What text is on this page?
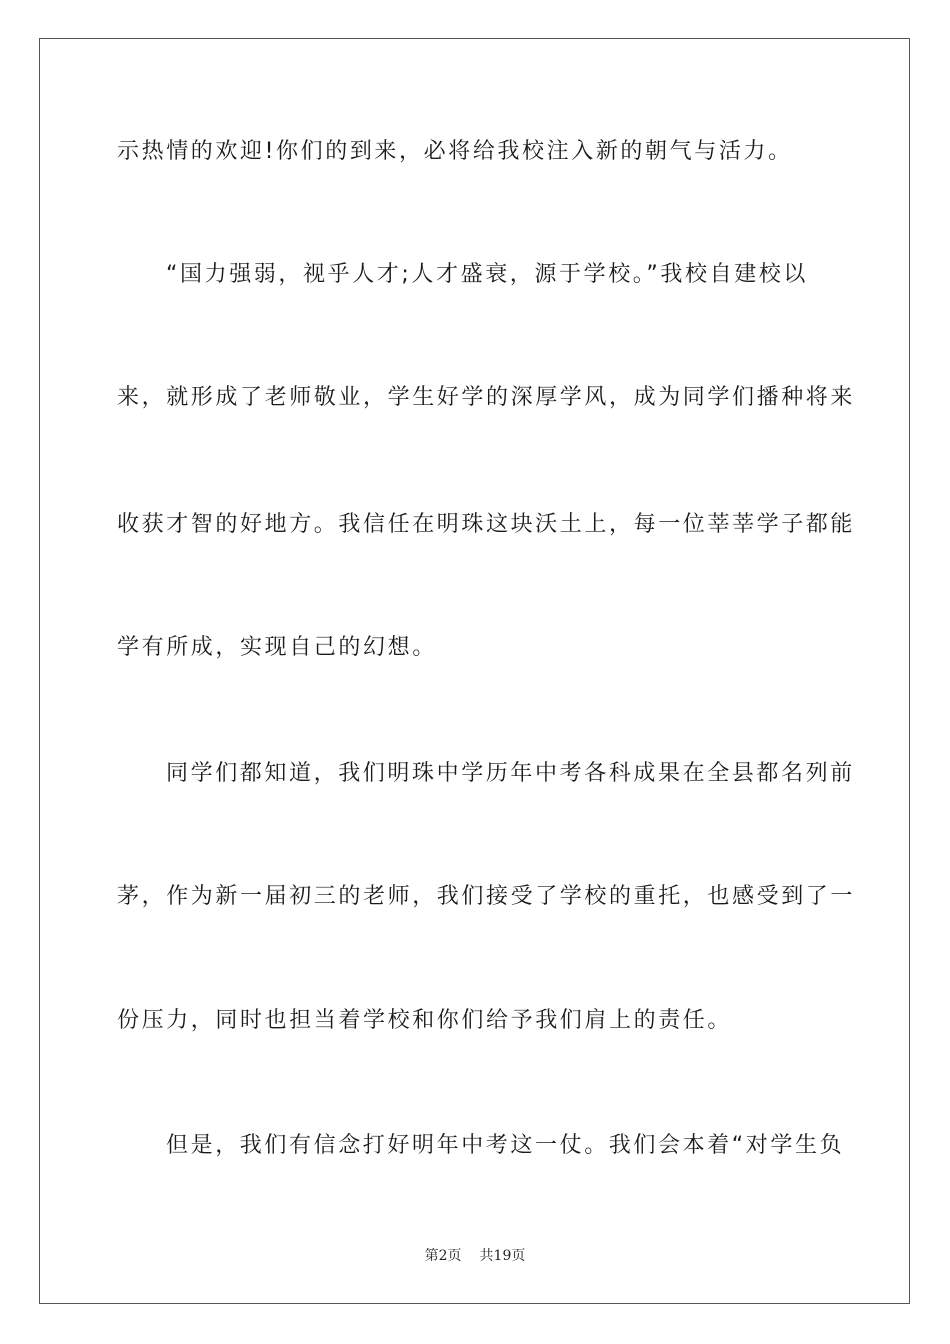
示热情的欢迎!你们的到来，必将给我校注入新的朝气与活力。

“国力强弱，视乎人才;人才盛衰，源于学校。”我校自建校以

来，就形成了老师敬业，学生好学的深厚学风，成为同学们播种将来

收获才智的好地方。我信任在明珠这块沃土上，每一位莘莘学子都能

学有所成，实现自己的幻想。

同学们都知道，我们明珠中学历年中考各科成果在全县都名列前

茅，作为新一届初三的老师，我们接受了学校的重托，也感受到了一

份压力，同时也担当着学校和你们给予我们肩上的责任。

但是，我们有信念打好明年中考这一仗。我们会本着“对学生负

第2页 共19页
